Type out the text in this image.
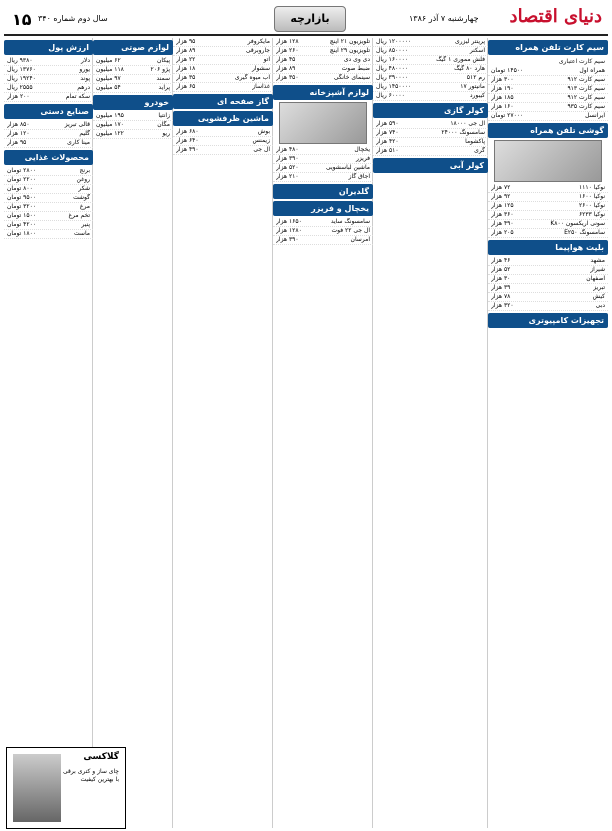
۱۵ سال دوم شماره ۳۴۰	بازارچه	چهارشنبه ۷ آذر ۱۳۸۶ دنیای اقتصاد
سیم کارت تلفن همراه
سیم کارت اعتباری
همراه اول
۱۴۵۰۰ تومان
سیم کارت ۹۱۲
۳۰۰ هزار
سیم کارت ۹۱۳
۱۹۰ هزار
سیم کارت ۹۱۲
۱۸۵ هزار
سیم کارت ۹۳۵
۱۶۰ هزار
ایرانسل
۲۷۰۰۰ تومان
گوشی تلفن همراه
نوکیا ۱۱۱۰
۷۲ هزار
نوکیا ۱۶۰۰
۹۲ هزار
نوکیا ۲۶۰۰
۱۲۵ هزار
نوکیا ۶۲۳۳
۳۶۰ هزار
سونی اریکسون K۸۰۰
۴۹۰ هزار
سامسونگ E۲۵۰
۲۰۵ هزار
بلیت هواپیما
مشهد
۴۶ هزار
شیراز
۵۲ هزار
اصفهان
۳۰ هزار
تبریز
۳۹ هزار
کیش
۷۸ هزار
دبی
۳۲۰ هزار
تجهیزات کامپیوتری
پرینتر لیزری
۱۲۰۰۰۰۰ ریال
اسکنر
۸۵۰۰۰۰ ریال
فلش مموری ۱ گیگ
۱۶۰۰۰۰ ریال
هارد ۸۰ گیگ
۴۸۰۰۰۰ ریال
رم ۵۱۲
۳۹۰۰۰۰ ریال
مانیتور ۱۷
۱۴۵۰۰۰۰ ریال
کیبورد
۶۰۰۰۰ ریال
کولر گازی
ال جی ۱۸۰۰۰
۵۹۰ هزار
سامسونگ ۲۴۰۰۰
۷۴۰ هزار
پاکشوما
۴۲۰ هزار
گری
۵۱۰ هزار
کولر آبی
تلویزیون ۲۱ اینچ
۱۲۸ هزار
تلویزیون ۲۹ اینچ
۲۶۰ هزار
دی وی دی
۴۵ هزار
ضبط صوت
۸۹ هزار
سینمای خانگی
۳۵۰ هزار
لوازم آشپزخانه
یخچال
۴۸۰ هزار
فریزر
۳۹۰ هزار
ماشین لباسشویی
۵۲۰ هزار
اجاق گاز
۲۱۰ هزار
گلدیران
یخچال و فریزر
سامسونگ ساید
۱۶۵۰ هزار
ال جی ۲۲ فوت
۱۲۸۰ هزار
امرسان
۳۹۰ هزار
مایکروفر
۹۵ هزار
جاروبرقی
۸۹ هزار
اتو
۲۲ هزار
سشوار
۱۸ هزار
آب میوه گیری
۳۵ هزار
غذاساز
۶۵ هزار
گاز صفحه ای
ماشین ظرفشویی
بوش
۶۸۰ هزار
زیمنس
۶۴۰ هزار
ال جی
۴۹۰ هزار
لوازم صوتی
پیکان
۶۲ میلیون
پژو ۲۰۶
۱۱۸ میلیون
سمند
۹۷ میلیون
پراید
۵۴ میلیون
خودرو
زانتیا
۱۹۵ میلیون
مگان
۱۷۰ میلیون
ریو
۱۲۲ میلیون
ارزش پول
دلار
۹۳۸۰ ریال
یورو
۱۳۷۶۰ ریال
پوند
۱۹۲۴۰ ریال
درهم
۲۵۵۵ ریال
سکه تمام
۲۰۰ هزار
صنایع دستی
قالی تبریز
۸۵۰ هزار
گلیم
۱۲۰ هزار
مینا کاری
۹۵ هزار
محصولات غذایی
برنج
۲۸۰۰ تومان
روغن
۲۲۰۰ تومان
شکر
۸۰۰ تومان
گوشت
۹۵۰۰ تومان
مرغ
۳۲۰۰ تومان
تخم مرغ
۱۵۰۰ تومان
پنیر
۴۲۰۰ تومان
ماست
۱۸۰۰ تومان
گلاکسی
چای ساز و کتری برقی با بهترین کیفیت
